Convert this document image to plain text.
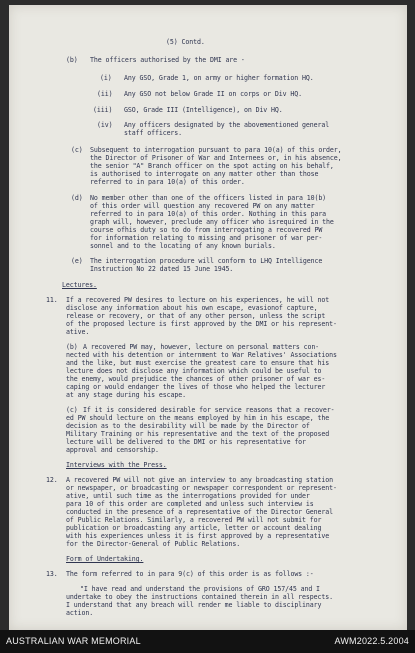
(5) Contd.

(b) The officers authorised by the DMI are -

(i) Any GSO, Grade 1, on army or higher formation HQ.

(ii) Any GSO not below Grade II on corps or Div HQ.

(iii) GSO, Grade III (Intelligence), on Div HQ.

(iv) Any officers designated by the abovementioned general

staff officers.

(c) Subsequent to interrogation pursuant to para 10(a) of this order,

the Director of Prisoner of War and Internees or, in his absence,

the senior "A" Branch officer on the spot acting on his behalf,

is authorised to interrogate on any matter other than those

referred to in para 10(a) of this order.

(d) No member other than one of the officers listed in para 10(b)

of this order will question any recovered PW on any matter

referred to in para 10(a) of this order. Nothing in this para

graph will, however, preclude any officer who isrequired in the

course ofhis duty so to do from interrogating a recovered PW

for information relating to missing and prisoner of war per-

sonnel and to the locating of any known burials.

(e) The interrogation procedure will conform to LHQ Intelligence

Instruction No 22 dated 15 June 1945.

Lectures.

11. If a recovered PW desires to lecture on his experiences, he will not

disclose any information about his own escape, evasionof capture,

release or recovery, or that of any other person, unless the script

of the proposed lecture is first approved by the DMI or his represent-

ative.

(b) A recovered PW may, however, lecture on personal matters con-

nected with his detention or internment to War Relatives' Associations

and the like, but must exercise the greatest care to ensure that his

lecture does not disclose any information which could be useful to

the enemy, would prejudice the chances of other prisoner of war es-

caping or would endanger the lives of those who helped the lecturer

at any stage during his escape.

(c) If it is considered desirable for service reasons that a recover-

ed PW should lecture on the means employed by him in his escape, the

decision as to the desirability will be made by the Director of

Military Training or his representative and the text of the proposed

lecture will be delivered to the DMI or his representative for

approval and censorship.

Interviews with the Press.

12. A recovered PW will not give an interview to any broadcasting station

or newspaper, or broadcasting or newspaper correspondent or represent-

ative, until such time as the interrogations provided for under

para 10 of this order are completed and unless such interview is

conducted in the presence of a representative of the Director General

of Public Relations. Similarly, a recovered PW will not submit for

publication or broadcasting any article, letter or account dealing

with his experiences unless it is first approved by a representative

for the Director-General of Public Relations.

Form of Undertaking.

13. The form referred to in para 9(c) of this order is as follows :-

"I have read and understand the provisions of GRO 157/45 and I

undertake to obey the instructions contained therein in all respects.

I understand that any breach will render me liable to disciplinary

action.

AUSTRALIAN WAR MEMORIAL	AWM2022.5.2004
